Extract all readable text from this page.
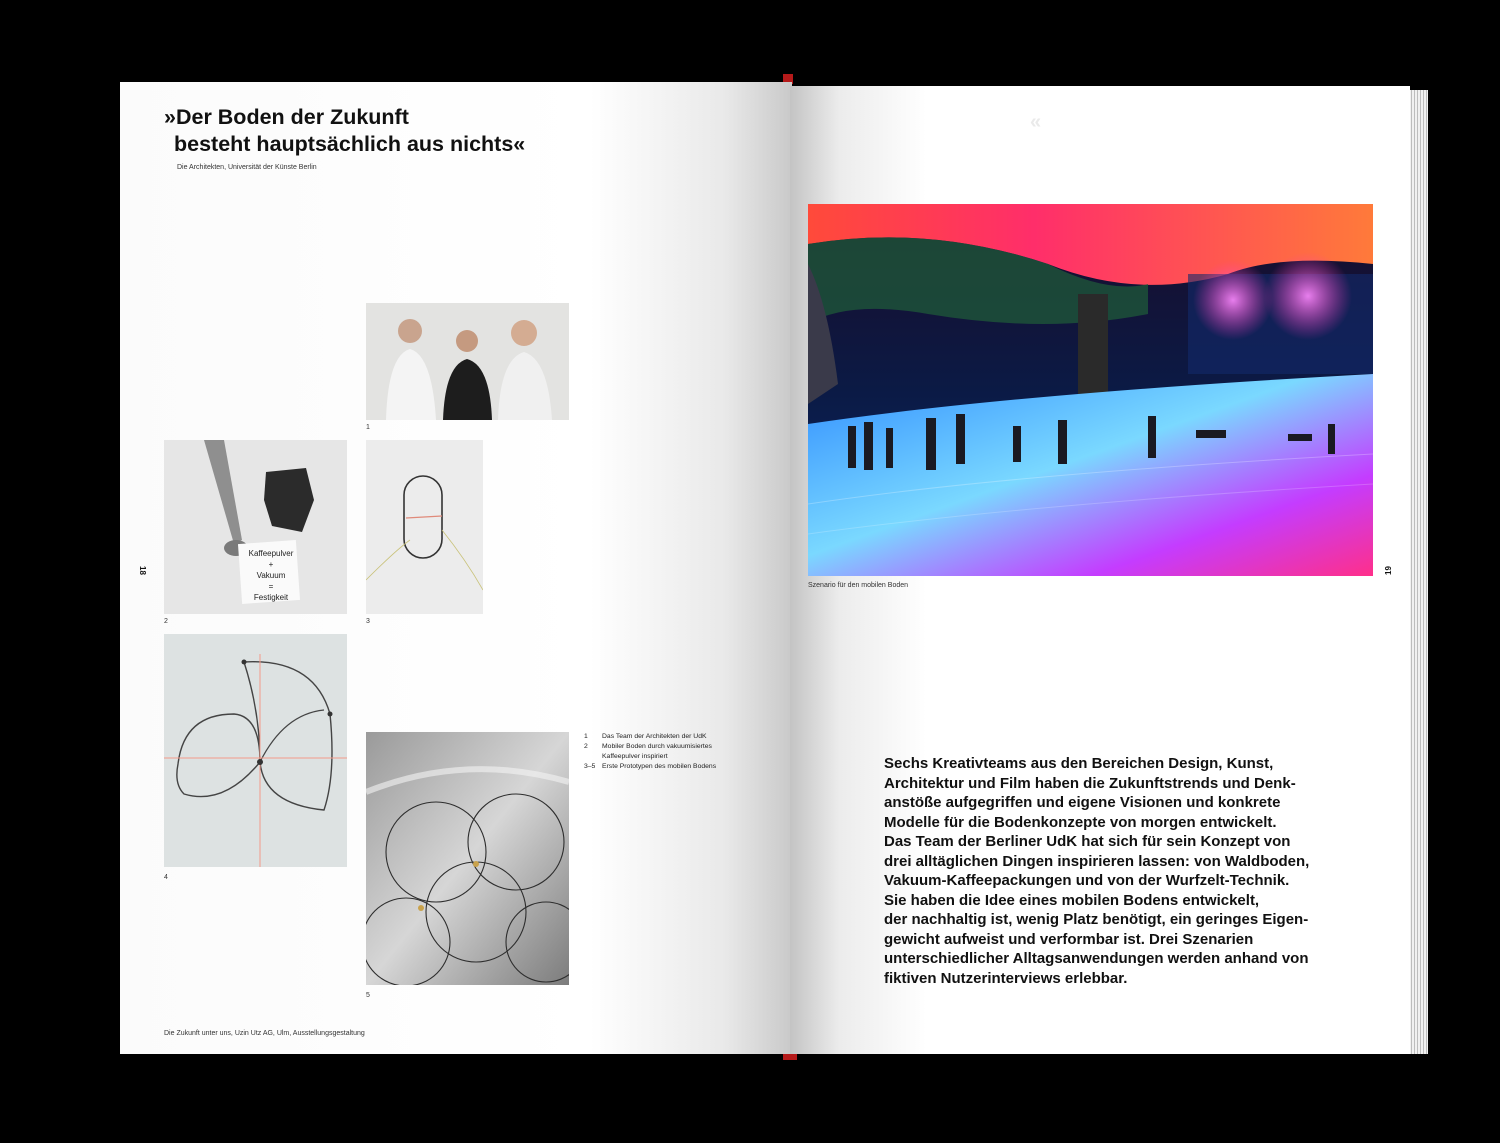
»Der Boden der Zukunft
besteht hauptsächlich aus nichts«
Die Architekten, Universität der Künste Berlin
18
1
Kaffeepulver
+
Vakuum
=
Festigkeit
2	3
4
5
1	Das Team der Architekten der UdK
2	Mobiler Boden durch vakuumisiertes
Kaffeepulver inspiriert
3–5 Erste Prototypen des mobilen Bodens
Die Zukunft unter uns, Uzin Utz AG, Ulm, Ausstellungsgestaltung
»
19
Szenario für den mobilen Boden

Sechs Kreativteams aus den Bereichen Design, Kunst,
Architektur und Film haben die Zukunftstrends und Denk-
anstöße aufgegriffen und eigene Visionen und konkrete
Modelle für die Bodenkonzepte von morgen entwickelt.
Das Team der Berliner UdK hat sich für sein Konzept von
drei alltäglichen Dingen inspirieren lassen: von Waldboden,
Vakuum-Kaffeepackungen und von der Wurfzelt-Technik.
Sie haben die Idee eines mobilen Bodens entwickelt,
der nachhaltig ist, wenig Platz benötigt, ein geringes Eigen-
gewicht aufweist und verformbar ist. Drei Szenarien
unterschiedlicher Alltagsanwendungen werden anhand von
fiktiven Nutzerinterviews erlebbar.
